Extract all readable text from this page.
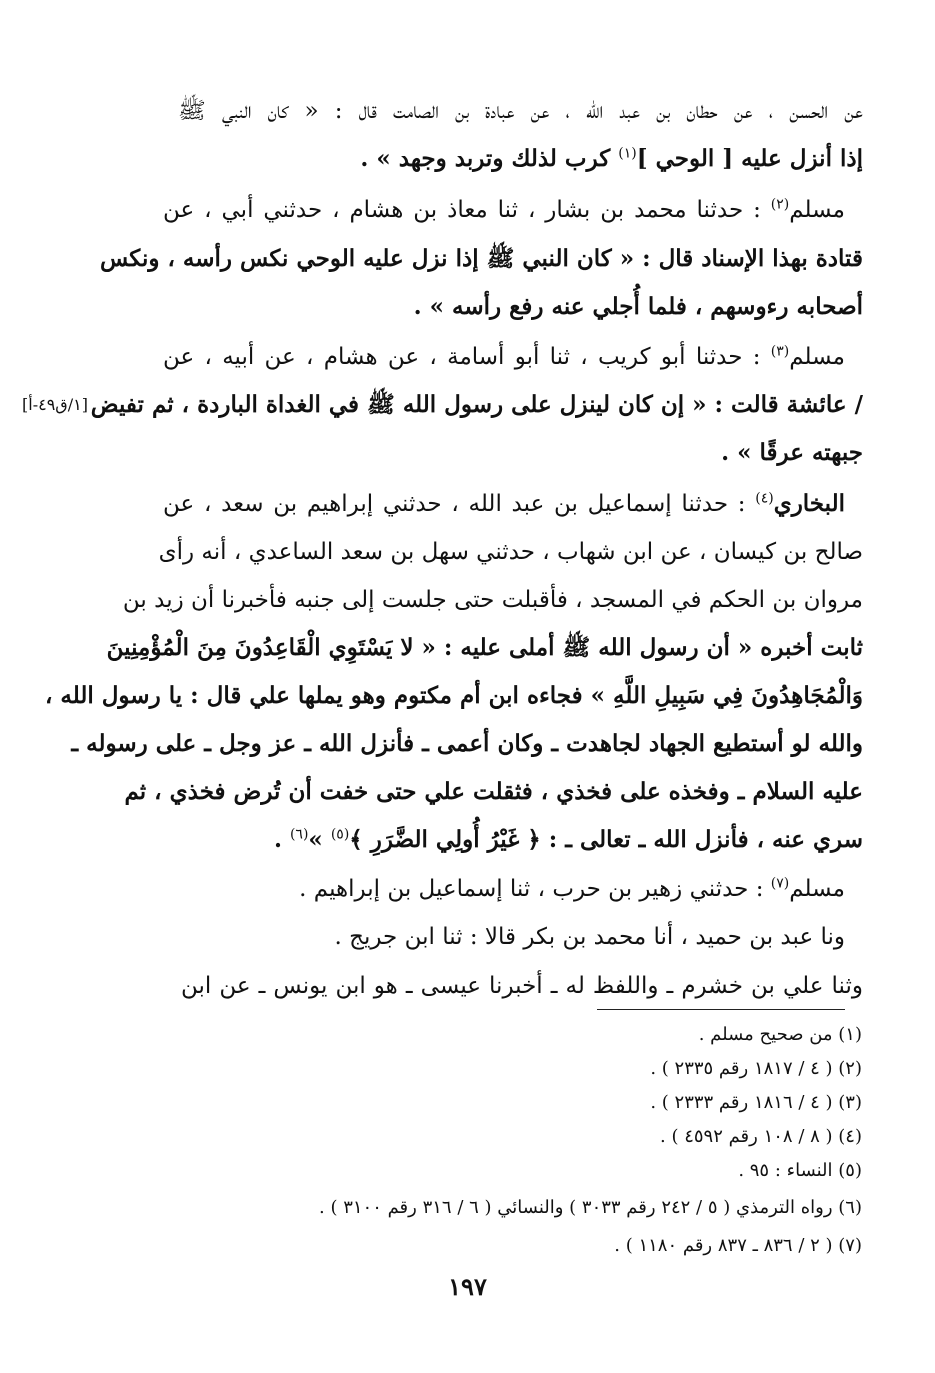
عن الحسن ، عن حطان بن عبد الله ، عن عبادة بن الصامت قال : « كان النبي ﷺ
إذا أنزل عليه [ الوحي ]$^{(١)}$ كرب لذلك وتربد وجهد » .
مسلم$^{(٢)}$ : حدثنا محمد بن بشار ، ثنا معاذ بن هشام ، حدثني أبي ، عن
قتادة بهذا الإسناد قال : « كان النبي ﷺ إذا نزل عليه الوحي نكس رأسه ، ونكس
أصحابه رءوسهم ، فلما أُجلي عنه رفع رأسه » .
مسلم$^{(٣)}$ : حدثنا أبو كريب ، ثنا أبو أسامة ، عن هشام ، عن أبيه ، عن
/ عائشة قالت : « إن كان لينزل على رسول الله ﷺ في الغداة الباردة ، ثم تفيض
[١/ق٤٩-أ]
جبهته عرقًا » .
البخاري$^{(٤)}$ : حدثنا إسماعيل بن عبد الله ، حدثني إبراهيم بن سعد ، عن
صالح بن كيسان ، عن ابن شهاب ، حدثني سهل بن سعد الساعدي ، أنه رأى
مروان بن الحكم في المسجد ، فأقبلت حتى جلست إلى جنبه فأخبرنا أن زيد بن
ثابت أخبره « أن رسول الله ﷺ أملى عليه : « لا يَسْتَوِي الْقَاعِدُونَ مِنَ الْمُؤْمِنِينَ
وَالْمُجَاهِدُونَ فِي سَبِيلِ اللَّهِ » فجاءه ابن أم مكتوم وهو يملها علي قال : يا رسول الله ،
والله لو أستطيع الجهاد لجاهدت ـ وكان أعمى ـ فأنزل الله ـ عز وجل ـ على رسوله ـ
عليه السلام ـ وفخذه على فخذي ، فثقلت علي حتى خفت أن تُرض فخذي ، ثم
سري عنه ، فأنزل الله ـ تعالى ـ : ﴿ غَيْرُ أُولِي الضَّرَرِ ﴾$^{(٥)}$ »$^{(٦)}$ .
مسلم$^{(٧)}$ : حدثني زهير بن حرب ، ثنا إسماعيل بن إبراهيم .
ونا عبد بن حميد ، أنا محمد بن بكر قالا : ثنا ابن جريج .
وثنا علي بن خشرم ـ واللفظ له ـ أخبرنا عيسى ـ هو ابن يونس ـ عن ابن
(١) من صحيح مسلم .
(٢) ( ٤ / ١٨١٧ رقم ٢٣٣٥ ) .
(٣) ( ٤ / ١٨١٦ رقم ٢٣٣٣ ) .
(٤) ( ٨ / ١٠٨ رقم ٤٥٩٢ ) .
(٥) النساء : ٩٥ .
(٦) رواه الترمذي ( ٥ / ٢٤٢ رقم ٣٠٣٣ ) والنسائي ( ٦ / ٣١٦ رقم ٣١٠٠ ) .
(٧) ( ٢ / ٨٣٦ ـ ٨٣٧ رقم ١١٨٠ ) .
١٩٧
